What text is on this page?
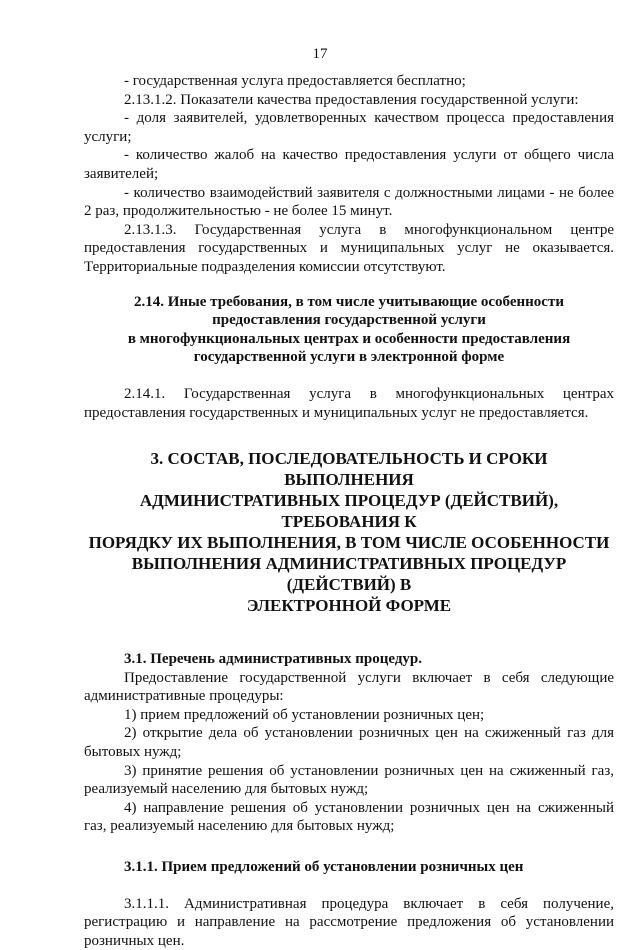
17

- государственная услуга предоставляется бесплатно;

2.13.1.2. Показатели качества предоставления государственной услуги:

- доля заявителей, удовлетворенных качеством процесса предоставления услуги;

- количество жалоб на качество предоставления услуги от общего числа заявителей;

- количество взаимодействий заявителя с должностными лицами - не более 2 раз, продолжительностью - не более 15 минут.

2.13.1.3. Государственная услуга в многофункциональном центре предоставления государственных и муниципальных услуг не оказывается. Территориальные подразделения комиссии отсутствуют.

2.14. Иные требования, в том числе учитывающие особенности

предоставления государственной услуги

в многофункциональных центрах и особенности предоставления

государственной услуги в электронной форме

2.14.1. Государственная услуга в многофункциональных центрах предоставления государственных и муниципальных услуг не предоставляется.

3. СОСТАВ, ПОСЛЕДОВАТЕЛЬНОСТЬ И СРОКИ ВЫПОЛНЕНИЯ

АДМИНИСТРАТИВНЫХ ПРОЦЕДУР (ДЕЙСТВИЙ), ТРЕБОВАНИЯ К

ПОРЯДКУ ИХ ВЫПОЛНЕНИЯ, В ТОМ ЧИСЛЕ ОСОБЕННОСТИ

ВЫПОЛНЕНИЯ АДМИНИСТРАТИВНЫХ ПРОЦЕДУР (ДЕЙСТВИЙ) В

ЭЛЕКТРОННОЙ ФОРМЕ

3.1. Перечень административных процедур.

Предоставление государственной услуги включает в себя следующие административные процедуры:

1) прием предложений об установлении розничных цен;

2) открытие дела об установлении розничных цен на сжиженный газ для бытовых нужд;

3) принятие решения об установлении розничных цен на сжиженный газ, реализуемый населению для бытовых нужд;

4) направление решения об установлении розничных цен на сжиженный газ, реализуемый населению для бытовых нужд;

3.1.1. Прием предложений об установлении розничных цен

3.1.1.1. Административная процедура включает в себя получение, регистрацию и направление на рассмотрение предложения об установлении розничных цен.
